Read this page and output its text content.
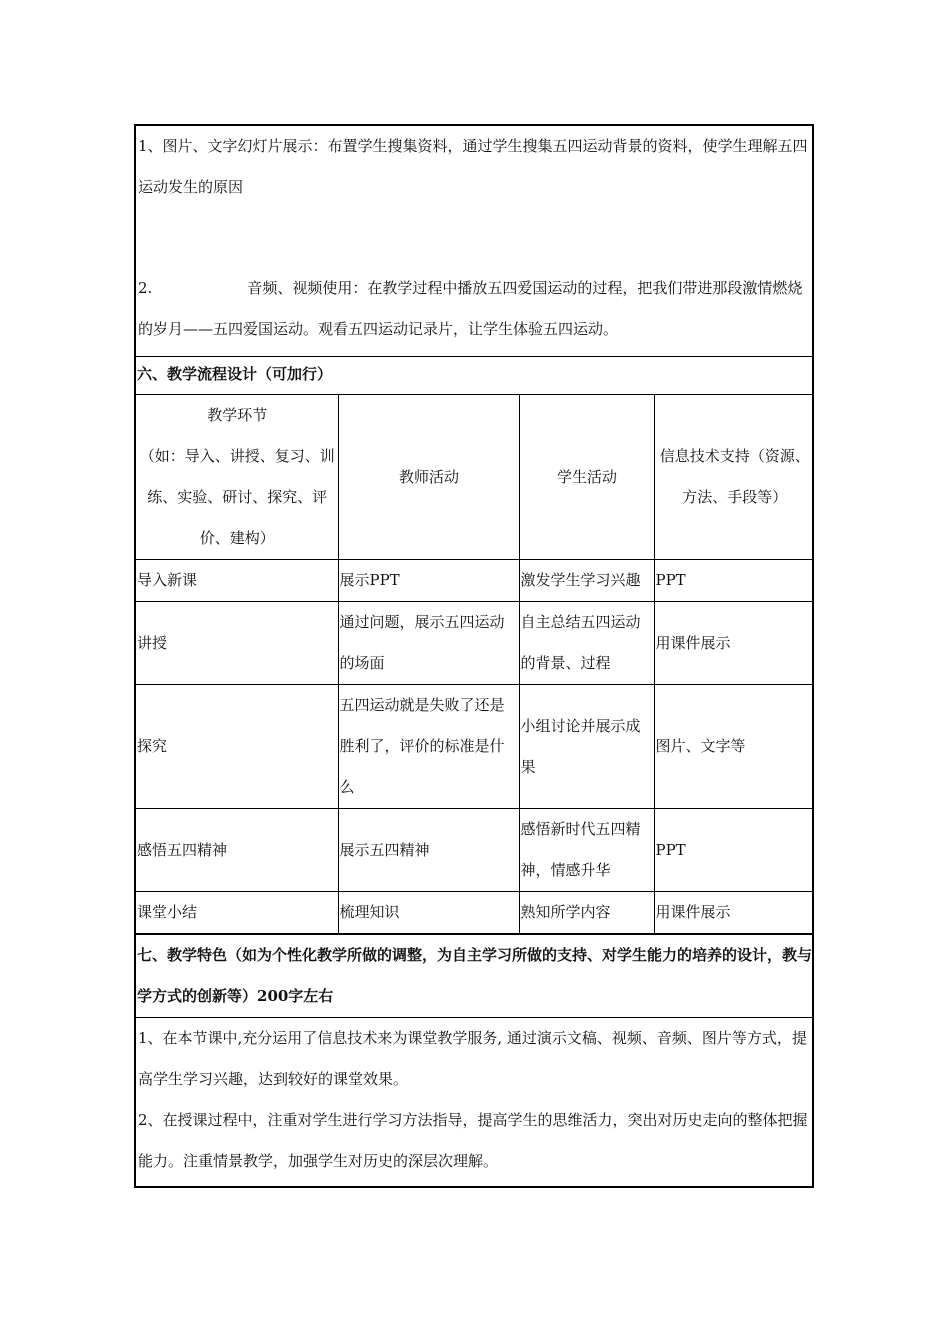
1、图片、文字幻灯片展示：布置学生搜集资料，通过学生搜集五四运动背景的资料，使学生理解五四运动发生的原因

2.	音频、视频使用：在教学过程中播放五四爱国运动的过程，把我们带进那段激情燃烧的岁月——五四爱国运动。观看五四运动记录片，让学生体验五四运动。

六、教学流程设计（可加行）
教学环节
（如：导入、讲授、复习、训练、实验、研讨、探究、评价、建构）	教师活动	学生活动	信息技术支持（资源、方法、手段等）
导入新课	展示PPT	激发学生学习兴趣	PPT
讲授	通过问题，展示五四运动的场面	自主总结五四运动的背景、过程	用课件展示
探究	五四运动就是失败了还是胜利了，评价的标准是什么	小组讨论并展示成果	图片、文字等
感悟五四精神	展示五四精神	感悟新时代五四精神，情感升华	PPT
课堂小结	梳理知识	熟知所学内容	用课件展示
七、教学特色（如为个性化教学所做的调整，为自主学习所做的支持、对学生能力的培养的设计，教与学方式的创新等）200字左右

1、在本节课中,充分运用了信息技术来为课堂教学服务, 通过演示文稿、视频、音频、图片等方式，提高学生学习兴趣，达到较好的课堂效果。

2、在授课过程中，注重对学生进行学习方法指导，提高学生的思维活力，突出对历史走向的整体把握能力。注重情景教学，加强学生对历史的深层次理解。
